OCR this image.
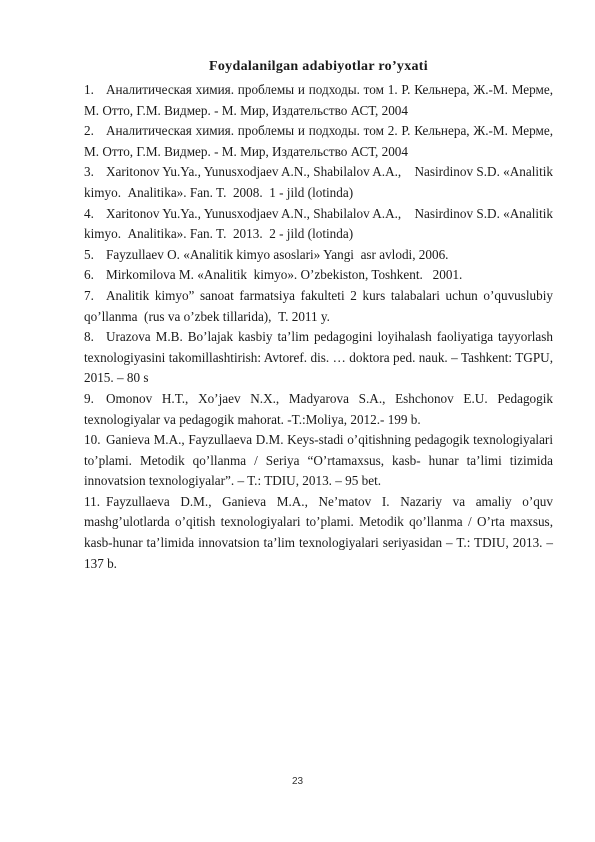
Foydalanilgan adabiyotlar ro’yxati
1. Аналитическая химия. проблемы и подходы. том 1. Р. Кельнера, Ж.-М. Мерме, М. Отто, Г.М. Видмер. - М. Мир, Издательство АСТ, 2004
2. Аналитическая химия. проблемы и подходы. том 2. Р. Кельнера, Ж.-М. Мерме, М. Отто, Г.М. Видмер. - М. Мир, Издательство АСТ, 2004
3. Xaritonov Yu.Ya., Yunusxodjaev A.N., Shabilalov A.A.,    Nasirdinov S.D. «Analitik kimyo.  Analitika». Fan. T.  2008.  1 - jild (lotinda)
4. Xaritonov Yu.Ya., Yunusxodjaev A.N., Shabilalov A.A.,    Nasirdinov S.D. «Analitik kimyo.  Analitika». Fan. T.  2013.  2 - jild (lotinda)
5. Fayzullaev O. «Analitik kimyo asoslari» Yangi  asr avlodi, 2006.
6. Mirkomilova M. «Analitik  kimyo». O’zbekiston, Toshkent.   2001.
7. Analitik kimyo” sanoat farmatsiya fakulteti 2 kurs talabalari uchun o’quvuslubiy qo’llanma  (rus va o’zbek tillarida),  T. 2011 y.
8. Urazova M.B. Bo’lajak kasbiy ta’lim pedagogini loyihalash faoliyatiga tayyorlash texnologiyasini takomillashtirish: Avtoref. dis. … doktora ped. nauk. – Tashkent: TGPU, 2015. – 80 s
9. Omonov H.T., Xo’jaev N.X., Madyarova S.A., Eshchonov E.U. Pedagogik texnologiyalar va pedagogik mahorat. -T.:Moliya, 2012.- 199 b.
10. Ganieva M.A., Fayzullaeva D.M. Keys-stadi o’qitishning pedagogik texnologiyalari to’plami. Metodik qo’llanma / Seriya “O’rtamaxsus, kasb- hunar ta’limi tizimida innovatsion texnologiyalar”. – T.: TDIU, 2013. – 95 bet.
11. Fayzullaeva D.M., Ganieva M.A., Ne’matov I. Nazariy va amaliy o’quv mashg’ulotlarda o’qitish texnologiyalari to’plami. Metodik qo’llanma / O’rta maxsus, kasb-hunar ta’limida innovatsion ta’lim texnologiyalari seriyasidan – T.: TDIU, 2013. – 137 b.
23
